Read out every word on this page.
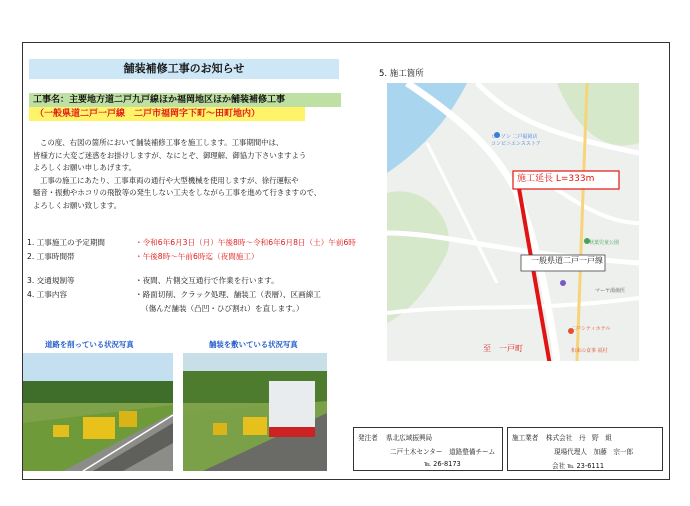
舗装補修工事のお知らせ	5. 施工箇所
工事名：主要地方道二戸九戸線ほか福岡地区ほか舗装補修工事
（一般県道二戸一戸線　二戸市福岡字下町～田町地内）

この度、右図の箇所において舗装補修工事を施工します。工事期間中は、

皆様方に大変ご迷惑をお掛けしますが、なにとぞ、御理解、御協力下さいますよう

よろしくお願い申しあげます。

工事の施工にあたり、工事車両の通行や大型機械を使用しますが、徐行運転や

騒音・振動やホコリの飛散等の発生しない工夫をしながら工事を進めて行きますので、

よろしくお願い致します。

1. 工事施工の予定期間	・令和6年6月3日（月）午後8時～令和6年6月8日（土）午前6時
2. 工事時間帯	・午後8時～午前6時迄（夜間施工）
3. 交通規制等	・夜間、片側交互通行で作業を行います。
4. 工事内容	・路面切削、クラック処理、舗装工（表層）、区画線工
（傷んだ舗装（凸凹・ひび割れ）を直します。）
道路を削っている状況写真	舗装を敷いている状況写真
施工延長 L=333m
一般県道二戸一戸線
至　一戸町
ローソン 二戸福岡店
コンビニエンスストア
秋葉児童公園
マーヤ湯歯医
二戸シティホテル
和来の食事 福村
発注者 県北広域振興局
二戸土木センター　道路整備チーム
℡ 26-8173
施工業者 株式会社　丹　野　組
現場代理人　加藤　宗一郎
会社 ℡ 23-6111
